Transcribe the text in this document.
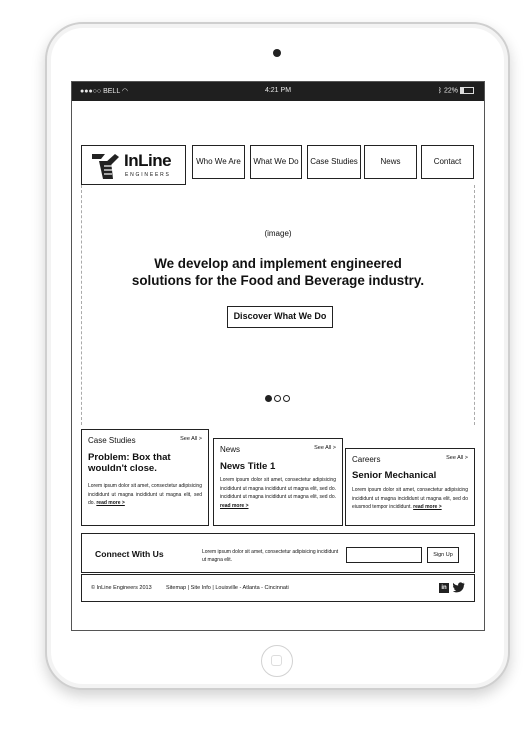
●●●○○ BELL ◠	4:21 PM	ᛒ 22%
InLine
ENGINEERS
Who We Are	What We Do	Case Studies	News	Contact
(image)
We develop and implement engineered
solutions for the Food and Beverage industry.
Discover What We Do
Case Studies	See All >
Problem: Box that
wouldn't close.
Lorem ipsum dolor sit amet, consectetur adipisicing incididunt ut magna incididunt ut magna elit, sed do. read more >
News	See All >
News Title 1
Lorem ipsum dolor sit amet, consectetur adipisicing incididunt ut magna incididunt ut magna elit, sed do. incididunt ut magna incididunt ut magna elit, sed do. read more >
Careers	See All >
Senior Mechanical
Lorem ipsum dolor sit amet, consectetur adipisicing incididunt ut magna incididunt ut magna elit, sed do eiusmod tempor incididunt. read more >
Connect With Us	Lorem ipsum dolor sit amet, consectetur adipisicing incididunt ut magna elit.
Sign Up
© InLine Engineers 2013	Sitemap | Site Info | Louisville - Atlanta - Cincinnati	in
